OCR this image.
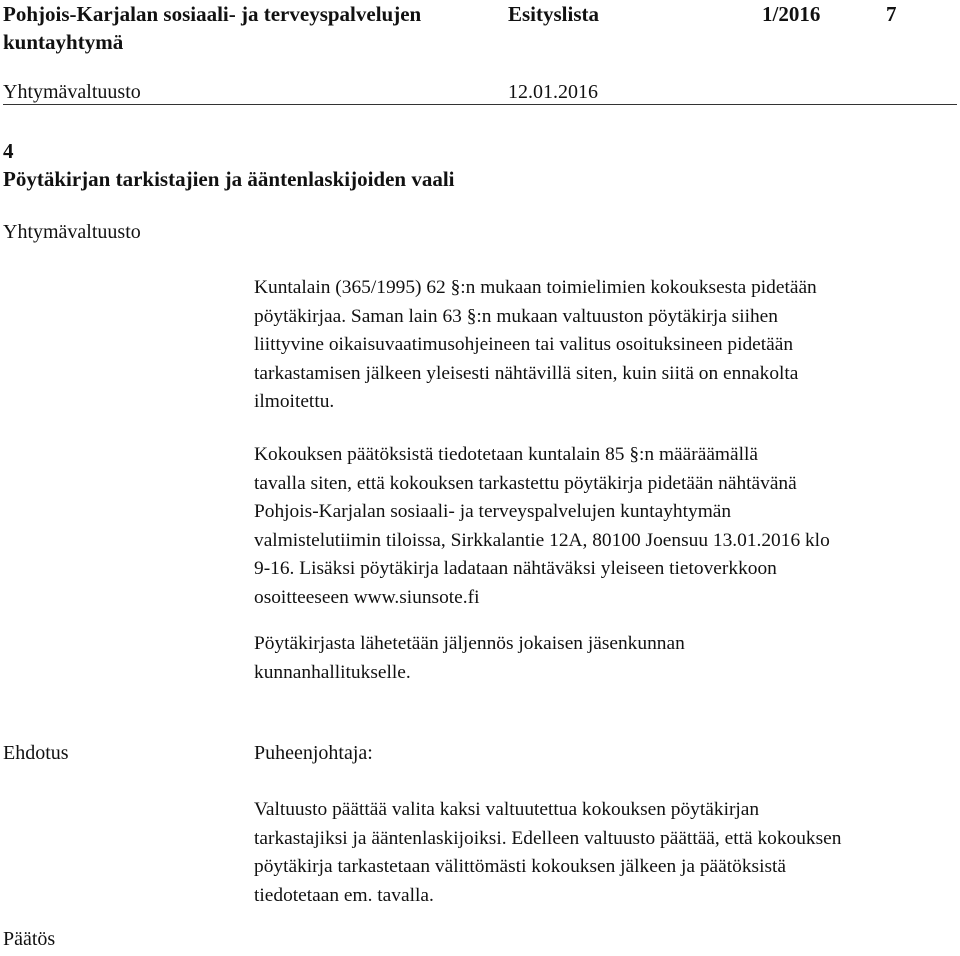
Pohjois-Karjalan sosiaali- ja terveyspalvelujen
kuntayhtymä
Esityslista	1/2016	7
Yhtymävaltuusto	12.01.2016
4
Pöytäkirjan tarkistajien ja ääntenlaskijoiden vaali
Yhtymävaltuusto

Kuntalain (365/1995) 62 §:n mukaan toimielimien kokouksesta pidetään

pöytäkirjaa. Saman lain 63 §:n mukaan valtuuston pöytäkirja siihen

liittyvine oikaisuvaatimusohjeineen tai valitus osoituksineen pidetään

tarkastamisen jälkeen yleisesti nähtävillä siten, kuin siitä on ennakolta

ilmoitettu.

Kokouksen päätöksistä tiedotetaan kuntalain 85 §:n määräämällä

tavalla siten, että kokouksen tarkastettu pöytäkirja pidetään nähtävänä

Pohjois-Karjalan sosiaali- ja terveyspalvelujen kuntayhtymän

valmistelutiimin tiloissa, Sirkkalantie 12A, 80100 Joensuu 13.01.2016 klo

9-16. Lisäksi pöytäkirja ladataan nähtäväksi yleiseen tietoverkkoon

osoitteeseen www.siunsote.fi

Pöytäkirjasta lähetetään jäljennös jokaisen jäsenkunnan

kunnanhallitukselle.

Ehdotus	Puheenjohtaja:

Valtuusto päättää valita kaksi valtuutettua kokouksen pöytäkirjan

tarkastajiksi ja ääntenlaskijoiksi. Edelleen valtuusto päättää, että kokouksen

pöytäkirja tarkastetaan välittömästi kokouksen jälkeen ja päätöksistä

tiedotetaan em. tavalla.

Päätös
